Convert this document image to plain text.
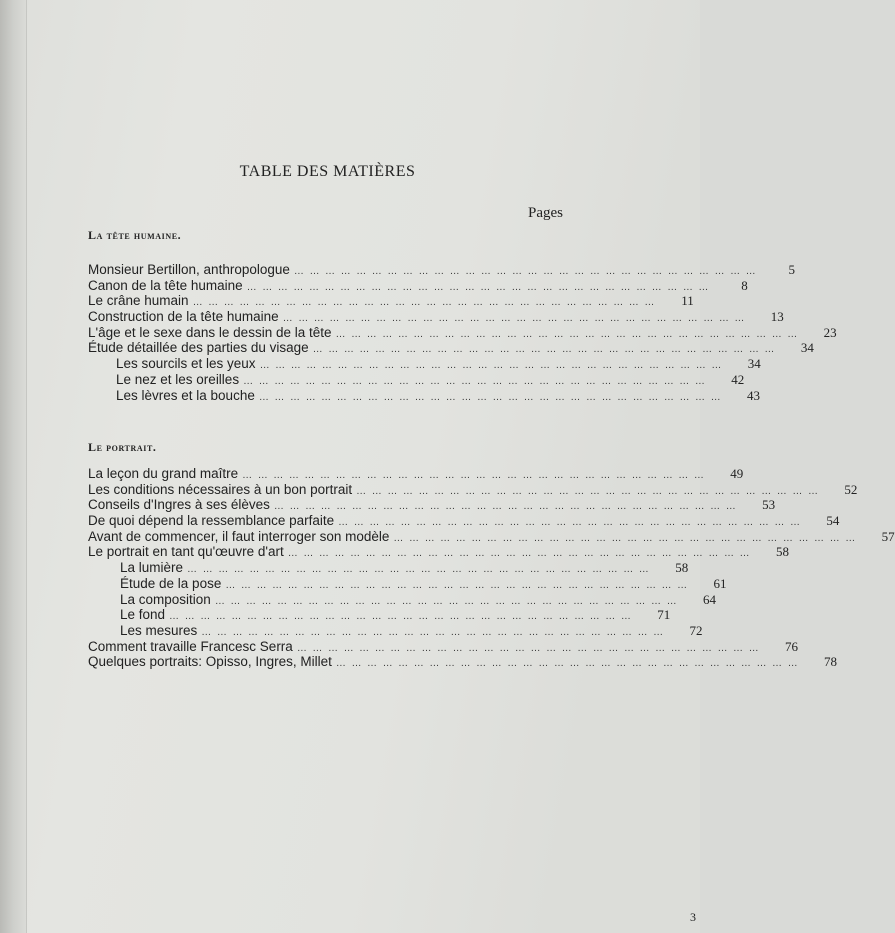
TABLE DES MATIÈRES
Pages
La tête humaine.
Monsieur Bertillon, anthropologue … … … … … … … … … … … … … … … … … … … … … … … … … … … … … …	5
Canon de la tête humaine … … … … … … … … … … … … … … … … … … … … … … … … … … … … … …	8
Le crâne humain … … … … … … … … … … … … … … … … … … … … … … … … … … … … … …	11
Construction de la tête humaine … … … … … … … … … … … … … … … … … … … … … … … … … … … … … …	13
L'âge et le sexe dans le dessin de la tête … … … … … … … … … … … … … … … … … … … … … … … … … … … … … …	23
Étude détaillée des parties du visage … … … … … … … … … … … … … … … … … … … … … … … … … … … … … …	34
Les sourcils et les yeux … … … … … … … … … … … … … … … … … … … … … … … … … … … … … …	34
Le nez et les oreilles … … … … … … … … … … … … … … … … … … … … … … … … … … … … … …	42
Les lèvres et la bouche … … … … … … … … … … … … … … … … … … … … … … … … … … … … … …	43
Le portrait.
La leçon du grand maître … … … … … … … … … … … … … … … … … … … … … … … … … … … … … …	49
Les conditions nécessaires à un bon portrait … … … … … … … … … … … … … … … … … … … … … … … … … … … … … …	52
Conseils d'Ingres à ses élèves … … … … … … … … … … … … … … … … … … … … … … … … … … … … … …	53
De quoi dépend la ressemblance parfaite … … … … … … … … … … … … … … … … … … … … … … … … … … … … … …	54
Avant de commencer, il faut interroger son modèle … … … … … … … … … … … … … … … … … … … … … … … … … … … … … …	57
Le portrait en tant qu'œuvre d'art … … … … … … … … … … … … … … … … … … … … … … … … … … … … … …	58
La lumière … … … … … … … … … … … … … … … … … … … … … … … … … … … … … …	58
Étude de la pose … … … … … … … … … … … … … … … … … … … … … … … … … … … … … …	61
La composition … … … … … … … … … … … … … … … … … … … … … … … … … … … … … …	64
Le fond … … … … … … … … … … … … … … … … … … … … … … … … … … … … … …	71
Les mesures … … … … … … … … … … … … … … … … … … … … … … … … … … … … … …	72
Comment travaille Francesc Serra … … … … … … … … … … … … … … … … … … … … … … … … … … … … … …	76
Quelques portraits: Opisso, Ingres, Millet … … … … … … … … … … … … … … … … … … … … … … … … … … … … … …	78
3
